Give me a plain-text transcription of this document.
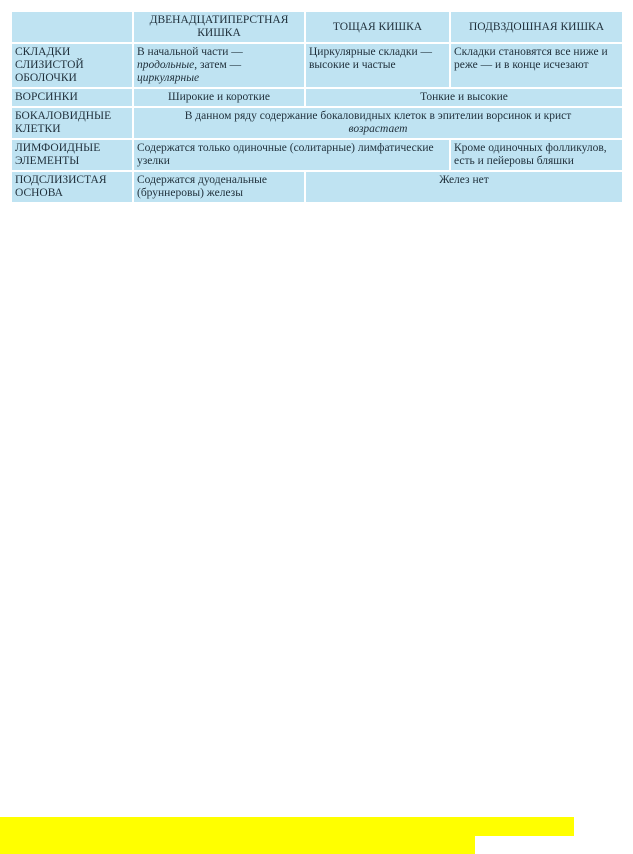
	ДВЕНАДЦАТИПЕРСТНАЯ КИШКА	ТОЩАЯ КИШКА	ПОДВЗДОШНАЯ КИШКА
СКЛАДКИ СЛИЗИСТОЙ ОБОЛОЧКИ	В начальной части — продольные, затем — циркулярные	Циркулярные складки — высокие и частые	Складки становятся все ниже и реже — и в конце исчезают
ВОРСИНКИ	Широкие и короткие	Тонкие и высокие	
БОКАЛОВИДНЫЕ КЛЕТКИ	В данном ряду содержание бокаловидных клеток в эпителии ворсинок и крист
возрастает		
ЛИМФОИДНЫЕ ЭЛЕМЕНТЫ	Содержатся только одиночные (солитарные) лимфатические узелки		Кроме одиночных фолликулов, есть и пейеровы бляшки
ПОДСЛИЗИСТАЯ ОСНОВА	Содержатся дуоденальные (бруннеровы) железы	Желез нет	
